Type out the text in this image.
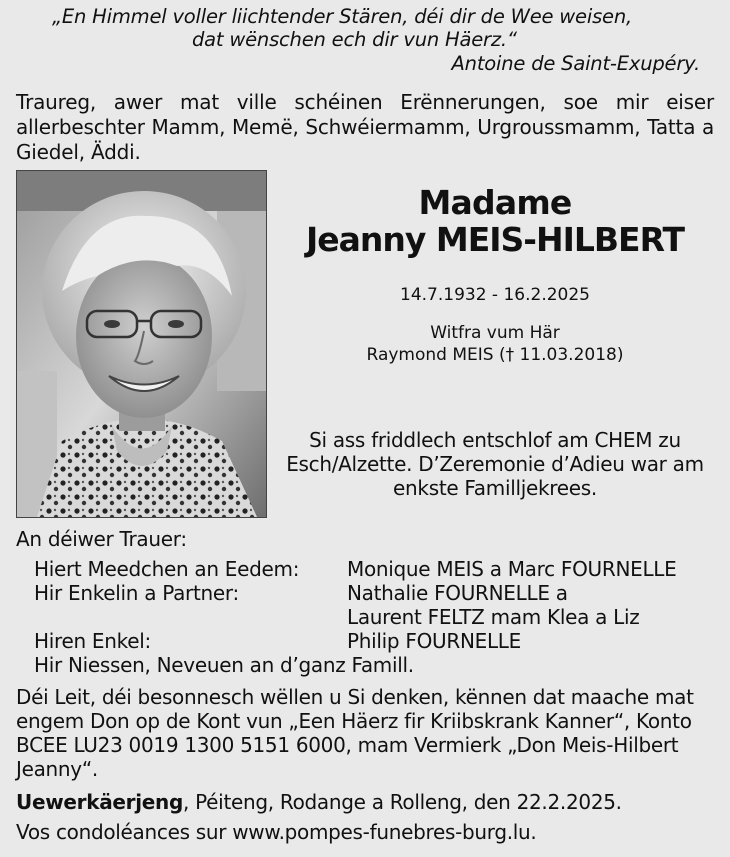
„En Himmel voller liichtender Stären, déi dir de Wee weisen,
dat wënschen ech dir vun Häerz.“
Antoine de Saint-Exupéry.
Traureg, awer mat ville schéinen Erënnerungen, soe mir eiser allerbeschter Mamm, Memë, Schwéiermamm, Urgroussmamm, Tatta a Giedel, Äddi.
Madame
Jeanny MEIS-HILBERT
14.7.1932 - 16.2.2025
Witfra vum Här
Raymond MEIS († 11.03.2018)
Si ass friddlech entschlof am CHEM zu Esch/Alzette. D’Zeremonie d’Adieu war am enkste Familljekrees.
An déiwer Trauer:
Hiert Meedchen an Eedem: Monique MEIS a Marc FOURNELLE
Hir Enkelin a Partner:	Nathalie FOURNELLE a
Laurent FELTZ mam Klea a Liz
Hiren Enkel:	Philip FOURNELLE
Hir Niessen, Neveuen an d’ganz Famill.
Déi Leit, déi besonnesch wëllen u Si denken, kënnen dat maache mat engem Don op de Kont vun „Een Häerz fir Kriibskrank Kanner“, Konto BCEE LU23 0019 1300 5151 6000, mam Vermierk „Don Meis-Hilbert Jeanny“.
Uewerkäerjeng, Péiteng, Rodange a Rolleng, den 22.2.2025.
Vos condoléances sur www.pompes-funebres-burg.lu.
